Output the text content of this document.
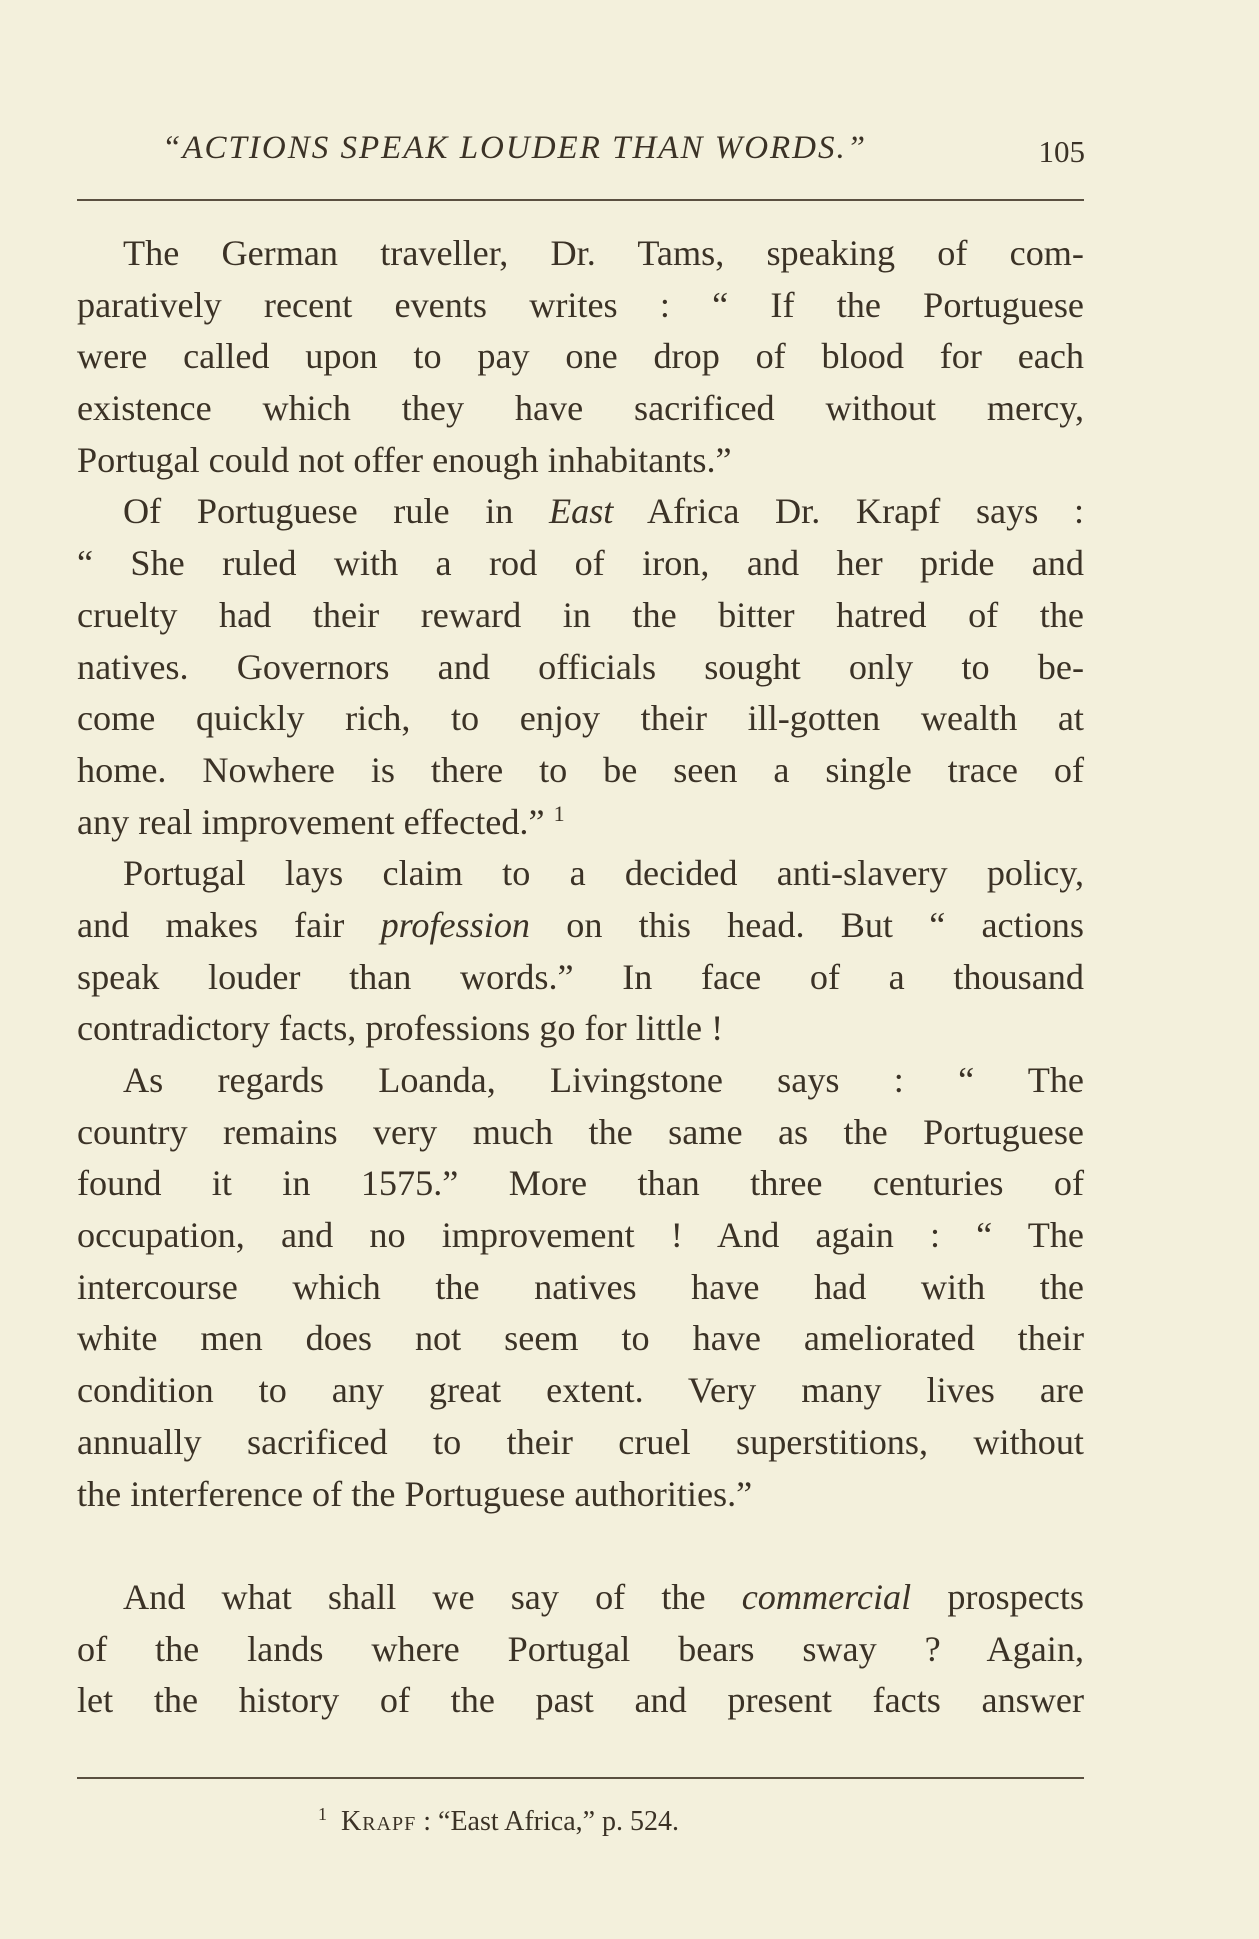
“ACTIONS SPEAK LOUDER THAN WORDS.”	105
The German traveller, Dr. Tams, speaking of com-
paratively recent events writes : “ If the Portuguese
were called upon to pay one drop of blood for each
existence which they have sacrificed without mercy,
Portugal could not offer enough inhabitants.”
Of Portuguese rule in East Africa Dr. Krapf says :
“ She ruled with a rod of iron, and her pride and
cruelty had their reward in the bitter hatred of the
natives. Governors and officials sought only to be-
come quickly rich, to enjoy their ill-gotten wealth at
home. Nowhere is there to be seen a single trace of
any real improvement effected.” $^1$
Portugal lays claim to a decided anti-slavery policy,
and makes fair profession on this head. But “ actions
speak louder than words.” In face of a thousand
contradictory facts, professions go for little !
As regards Loanda, Livingstone says : “ The
country remains very much the same as the Portuguese
found it in 1575.” More than three centuries of
occupation, and no improvement ! And again : “ The
intercourse which the natives have had with the
white men does not seem to have ameliorated their
condition to any great extent. Very many lives are
annually sacrificed to their cruel superstitions, without
the interference of the Portuguese authorities.”
And what shall we say of the commercial prospects
of the lands where Portugal bears sway ? Again,
let the history of the past and present facts answer
$^1$ Krapf : “East Africa,” p. 524.
